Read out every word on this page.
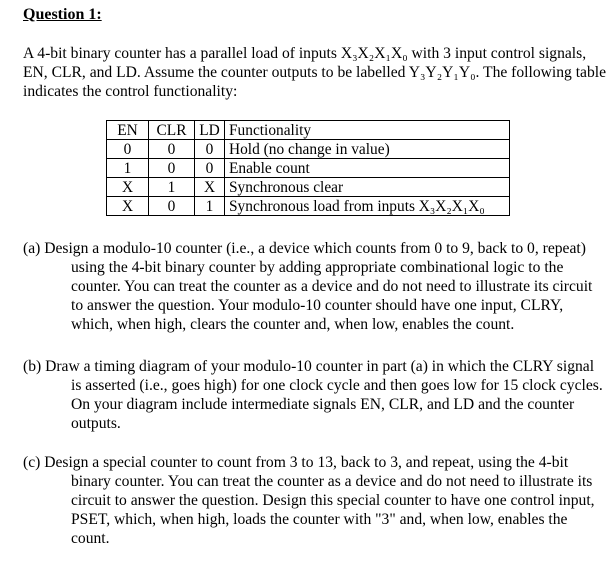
Question 1:

A 4-bit binary counter has a parallel load of inputs X₃X₂X₁X₀ with 3 input control signals, EN, CLR, and LD. Assume the counter outputs to be labelled Y₃Y₂Y₁Y₀. The following table indicates the control functionality:

EN	CLR	LD	Functionality
0	0	0	Hold (no change in value)
1	0	0	Enable count
X	1	X	Synchronous clear
X	0	1	Synchronous load from inputs X₃X₂X₁X₀

(a) Design a modulo-10 counter (i.e., a device which counts from 0 to 9, back to 0, repeat) using the 4-bit binary counter by adding appropriate combinational logic to the counter. You can treat the counter as a device and do not need to illustrate its circuit to answer the question. Your modulo-10 counter should have one input, CLRY, which, when high, clears the counter and, when low, enables the count.

(b) Draw a timing diagram of your modulo-10 counter in part (a) in which the CLRY signal is asserted (i.e., goes high) for one clock cycle and then goes low for 15 clock cycles. On your diagram include intermediate signals EN, CLR, and LD and the counter outputs.

(c) Design a special counter to count from 3 to 13, back to 3, and repeat, using the 4-bit binary counter. You can treat the counter as a device and do not need to illustrate its circuit to answer the question. Design this special counter to have one control input, PSET, which, when high, loads the counter with "3" and, when low, enables the count.
